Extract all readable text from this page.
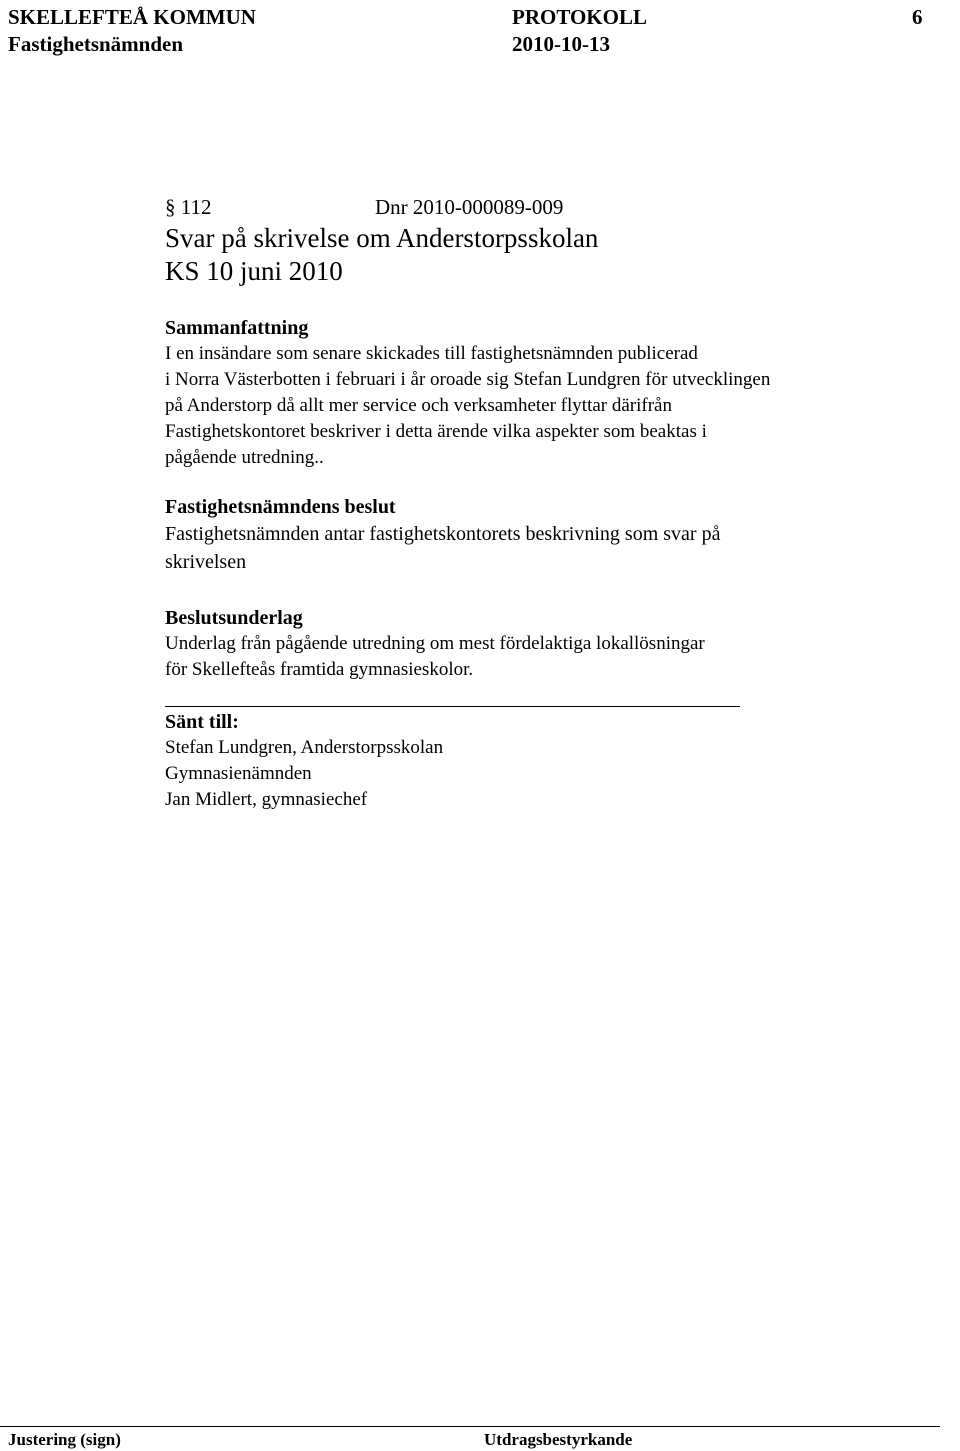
SKELLEFTEÅ KOMMUN	PROTOKOLL	6
Fastighetsnämnden	2010-10-13
§ 112	Dnr 2010-000089-009

Svar på skrivelse om Anderstorpsskolan

KS 10 juni 2010

Sammanfattning

I en insändare som senare skickades till fastighetsnämnden publicerad

i Norra Västerbotten i februari i år oroade sig Stefan Lundgren för utvecklingen

på Anderstorp då allt mer service och verksamheter flyttar därifrån

Fastighetskontoret beskriver i detta ärende vilka aspekter som beaktas i

pågående utredning..

Fastighetsnämndens beslut

Fastighetsnämnden antar fastighetskontorets beskrivning som svar på

skrivelsen

Beslutsunderlag

Underlag från pågående utredning om mest fördelaktiga lokallösningar

för Skellefteås framtida gymnasieskolor.

Sänt till:

Stefan Lundgren, Anderstorpsskolan

Gymnasienämnden

Jan Midlert, gymnasiechef

Justering (sign)	Utdragsbestyrkande
